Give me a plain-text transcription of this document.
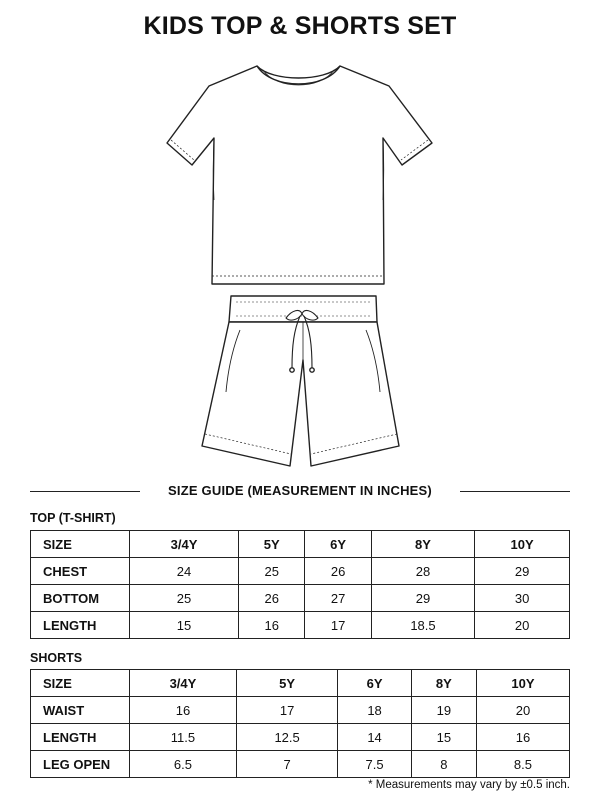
KIDS TOP & SHORTS SET
SIZE GUIDE (MEASUREMENT IN INCHES)
TOP (T-SHIRT)
SIZE	3/4Y	5Y	6Y	8Y	10Y
CHEST	24	25	26	28	29
BOTTOM	25	26	27	29	30
LENGTH	15	16	17	18.5	20
SHORTS
SIZE	3/4Y	5Y	6Y	8Y	10Y
WAIST	16	17	18	19	20
LENGTH	11.5	12.5	14	15	16
LEG OPEN	6.5	7	7.5	8	8.5
* Measurements may vary by ±0.5 inch.
